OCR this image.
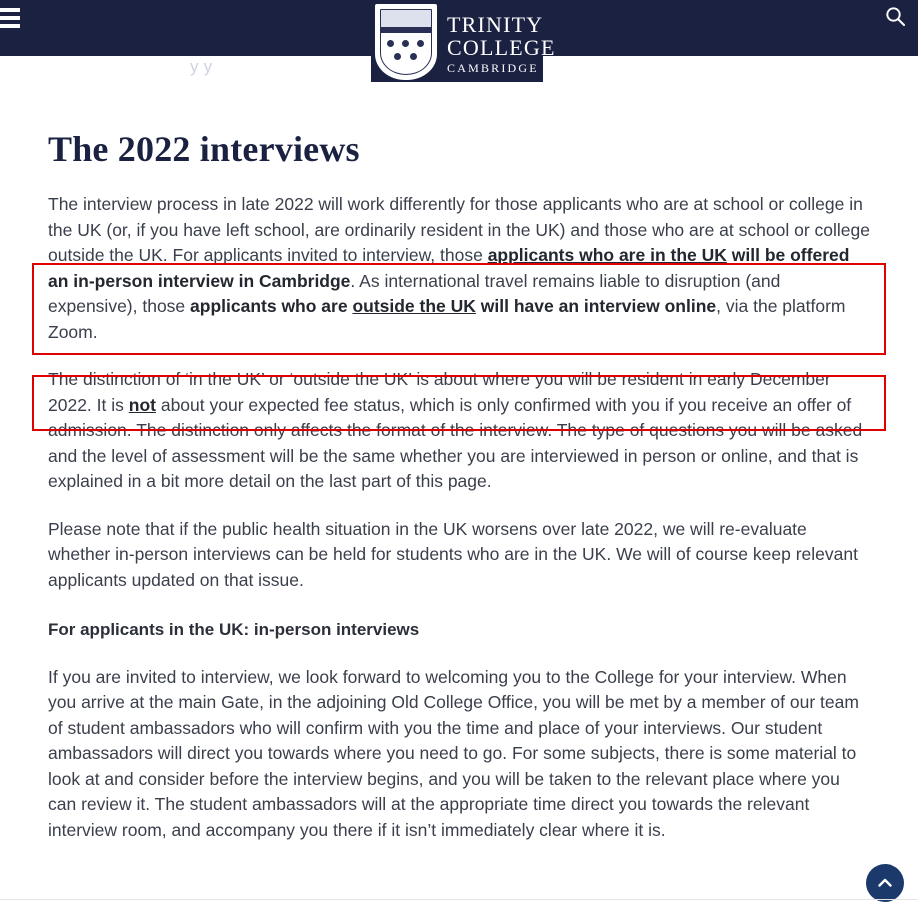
y y
TRINITY
COLLEGE
CAMBRIDGE
The 2022 interviews

The interview process in late 2022 will work differently for those applicants who are at school or college in the UK (or, if you have left school, are ordinarily resident in the UK) and those who are at school or college outside the UK. For applicants invited to interview, those applicants who are in the UK will be offered an in-person interview in Cambridge. As international travel remains liable to disruption (and expensive), those applicants who are outside the UK will have an interview online, via the platform Zoom.

The distinction of ‘in the UK’ or ‘outside the UK’ is about where you will be resident in early December 2022. It is not about your expected fee status, which is only confirmed with you if you receive an offer of admission. The distinction only affects the format of the interview. The type of questions you will be asked and the level of assessment will be the same whether you are interviewed in person or online, and that is explained in a bit more detail on the last part of this page.

Please note that if the public health situation in the UK worsens over late 2022, we will re-evaluate whether in-person interviews can be held for students who are in the UK. We will of course keep relevant applicants updated on that issue.

For applicants in the UK: in-person interviews

If you are invited to interview, we look forward to welcoming you to the College for your interview. When you arrive at the main Gate, in the adjoining Old College Office, you will be met by a member of our team of student ambassadors who will confirm with you the time and place of your interviews. Our student ambassadors will direct you towards where you need to go. For some subjects, there is some material to look at and consider before the interview begins, and you will be taken to the relevant place where you can review it. The student ambassadors will at the appropriate time direct you towards the relevant interview room, and accompany you there if it isn’t immediately clear where it is.
